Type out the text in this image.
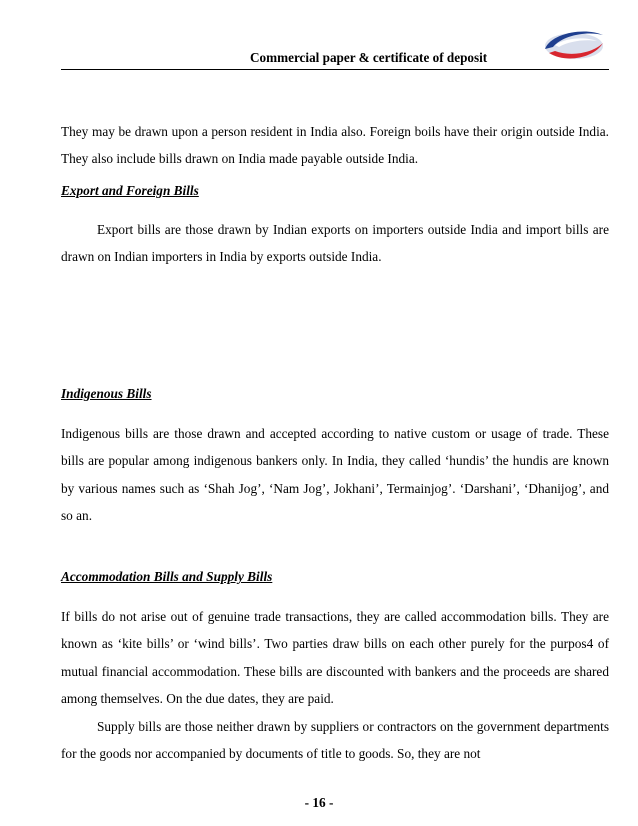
Commercial paper & certificate of deposit

They may be drawn upon a person resident in India also. Foreign boils have their origin outside India. They also include bills drawn on India made payable outside India.

Export and Foreign Bills

Export bills are those drawn by Indian exports on importers outside India and import bills are drawn on Indian importers in India by exports outside India.

Indigenous Bills

Indigenous bills are those drawn and accepted according to native custom or usage of trade. These bills are popular among indigenous bankers only. In India, they called ‘hundis’ the hundis are known by various names such as ‘Shah Jog’, ‘Nam Jog’, Jokhani’, Termainjog’. ‘Darshani’, ‘Dhanijog’, and so an.

Accommodation Bills and Supply Bills

If bills do not arise out of genuine trade transactions, they are called accommodation bills. They are known as ‘kite bills’ or ‘wind bills’. Two parties draw bills on each other purely for the purpos4 of mutual financial accommodation. These bills are discounted with bankers and the proceeds are shared among themselves. On the due dates, they are paid.

Supply bills are those neither drawn by suppliers or contractors on the government departments for the goods nor accompanied by documents of title to goods. So, they are not

- 16 -
